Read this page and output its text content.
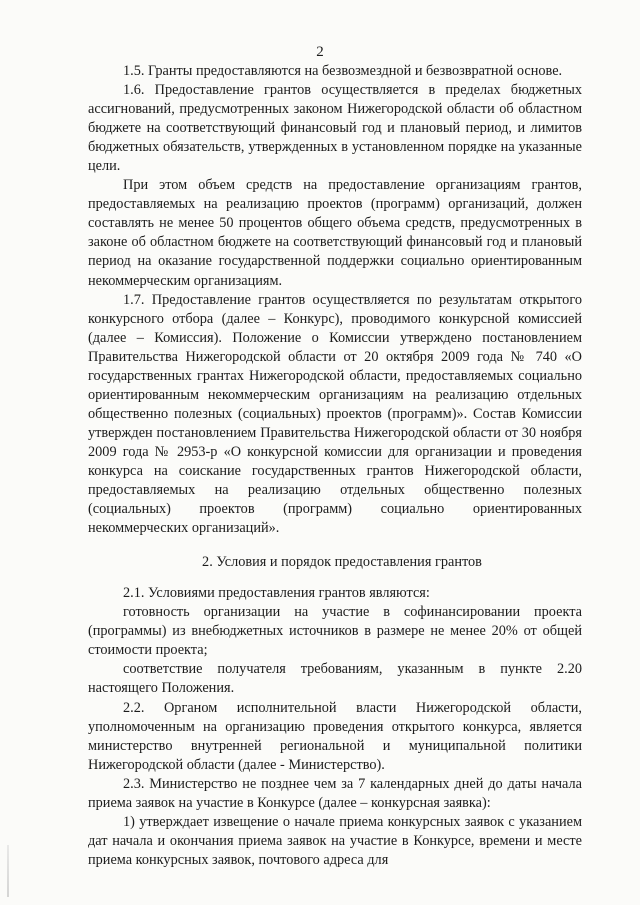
2

1.5. Гранты предоставляются на безвозмездной и безвозвратной основе.

1.6. Предоставление грантов осуществляется в пределах бюджетных ассигнований, предусмотренных законом Нижегородской области об областном бюджете на соответствующий финансовый год и плановый период, и лимитов бюджетных обязательств, утвержденных в установленном порядке на указанные цели.

При этом объем средств на предоставление организациям грантов, предоставляемых на реализацию проектов (программ) организаций, должен составлять не менее 50 процентов общего объема средств, предусмотренных в законе об областном бюджете на соответствующий финансовый год и плановый период на оказание государственной поддержки социально ориентированным некоммерческим организациям.

1.7. Предоставление грантов осуществляется по результатам открытого конкурсного отбора (далее – Конкурс), проводимого конкурсной комиссией (далее – Комиссия). Положение о Комиссии утверждено постановлением Правительства Нижегородской области от 20 октября 2009 года № 740 «О государственных грантах Нижегородской области, предоставляемых социально ориентированным некоммерческим организациям на реализацию отдельных общественно полезных (социальных) проектов (программ)». Состав Комиссии утвержден постановлением Правительства Нижегородской области от 30 ноября 2009 года № 2953-р «О конкурсной комиссии для организации и проведения конкурса на соискание государственных грантов Нижегородской области, предоставляемых на реализацию отдельных общественно полезных (социальных) проектов (программ) социально ориентированных некоммерческих организаций».

2. Условия и порядок предоставления грантов

2.1. Условиями предоставления грантов являются:

готовность организации на участие в софинансировании проекта (программы) из внебюджетных источников в размере не менее 20% от общей стоимости проекта;

соответствие получателя требованиям, указанным в пункте 2.20 настоящего Положения.

2.2. Органом исполнительной власти Нижегородской области, уполномоченным на организацию проведения открытого конкурса, является министерство внутренней региональной и муниципальной политики Нижегородской области (далее - Министерство).

2.3. Министерство не позднее чем за 7 календарных дней до даты начала приема заявок на участие в Конкурсе (далее – конкурсная заявка):

1) утверждает извещение о начале приема конкурсных заявок с указанием дат начала и окончания приема заявок на участие в Конкурсе, времени и месте приема конкурсных заявок, почтового адреса для
